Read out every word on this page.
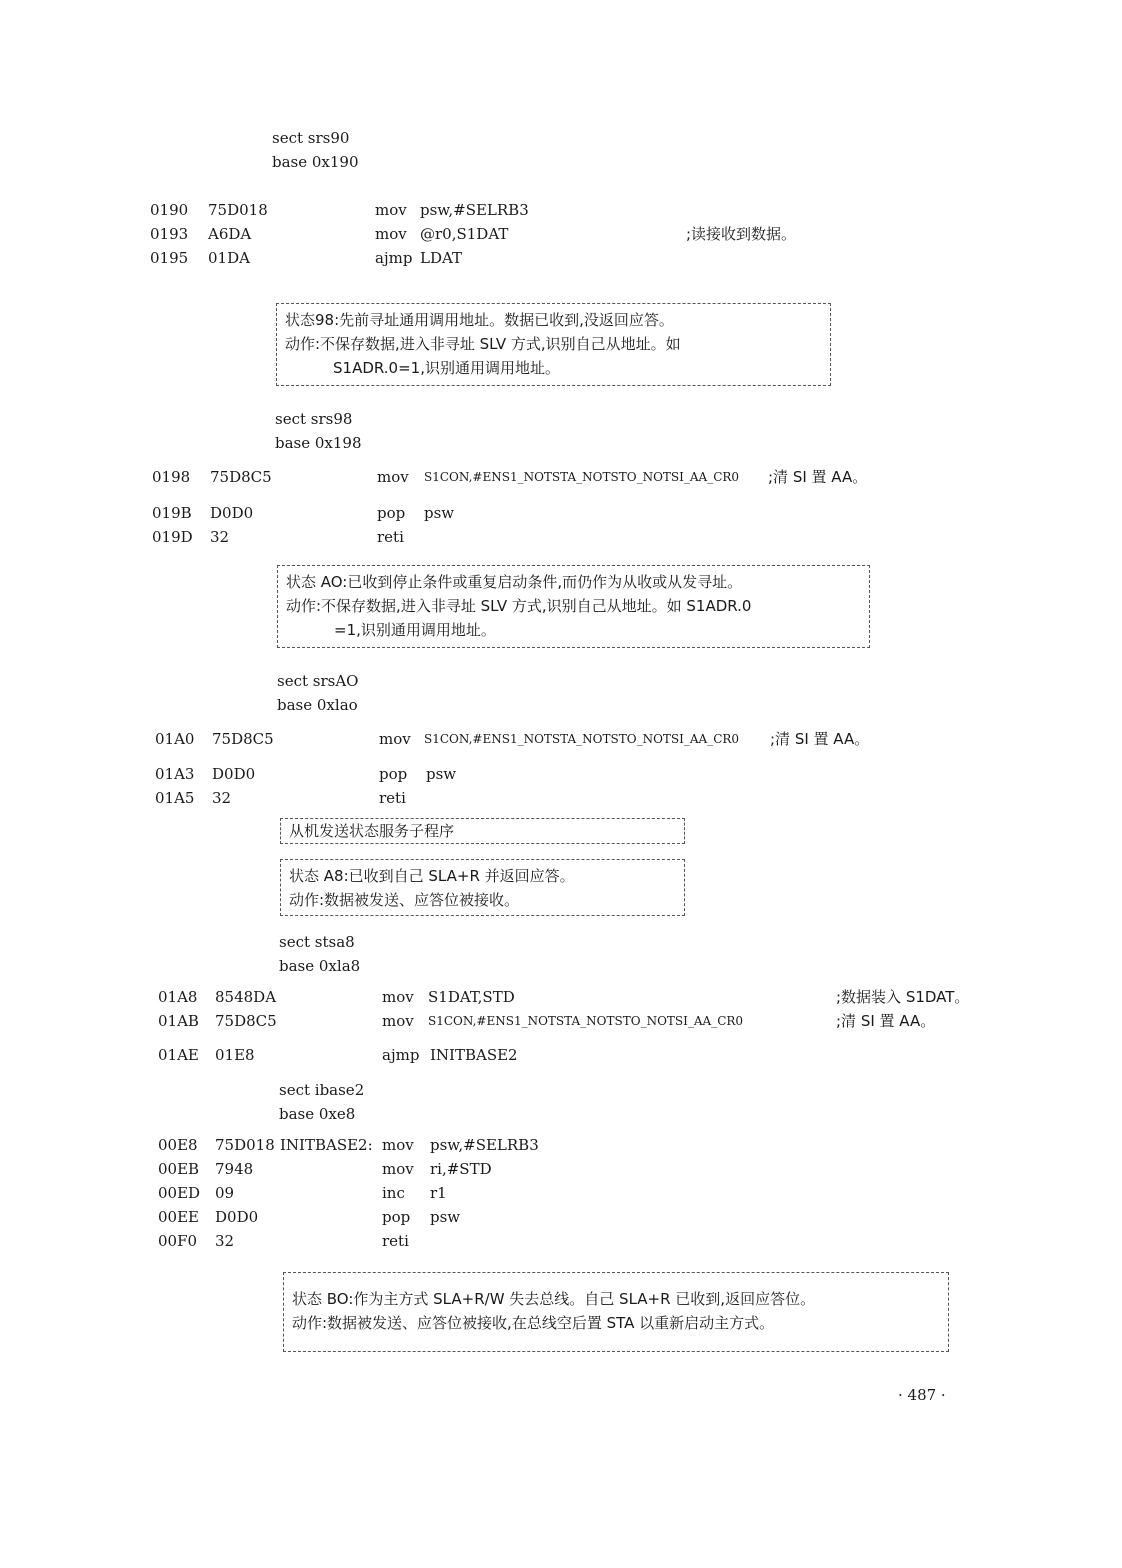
sect srs90
base 0x190
0190 75D018	mov psw,#SELRB3
0193 A6DA	mov @r0,S1DAT	;读接收到数据。
0195 01DA	ajmp LDAT
状态98:先前寻址通用调用地址。数据已收到,没返回应答。
动作:不保存数据,进入非寻址 SLV 方式,识别自己从地址。如
S1ADR.0=1,识别通用调用地址。
sect srs98
base 0x198
0198 75D8C5	mov S1CON,#ENS1_NOTSTA_NOTSTO_NOTSI_AA_CR0 ;清 SI 置 AA。
019B D0D0	pop psw
019D 32	reti
状态 AO:已收到停止条件或重复启动条件,而仍作为从收或从发寻址。
动作:不保存数据,进入非寻址 SLV 方式,识别自己从地址。如 S1ADR.0
=1,识别通用调用地址。
sect srsAO
base 0xlao
01A0 75D8C5	mov S1CON,#ENS1_NOTSTA_NOTSTO_NOTSI_AA_CR0 ;清 SI 置 AA。
01A3 D0D0	pop psw
01A5 32	reti
从机发送状态服务子程序
状态 A8:已收到自己 SLA+R 并返回应答。
动作:数据被发送、应答位被接收。
sect stsa8
base 0xla8
01A8 8548DA	mov S1DAT,STD	;数据装入 S1DAT。
01AB 75D8C5	mov S1CON,#ENS1_NOTSTA_NOTSTO_NOTSI_AA_CR0	;清 SI 置 AA。
01AE 01E8	ajmp INITBASE2
sect ibase2
base 0xe8
00E8 75D018 INITBASE2: mov psw,#SELRB3
00EB 7948	mov ri,#STD
00ED 09	inc r1
00EE D0D0	pop psw
00F0 32	reti
状态 BO:作为主方式 SLA+R/W 失去总线。自己 SLA+R 已收到,返回应答位。
动作:数据被发送、应答位被接收,在总线空后置 STA 以重新启动主方式。
· 487 ·
